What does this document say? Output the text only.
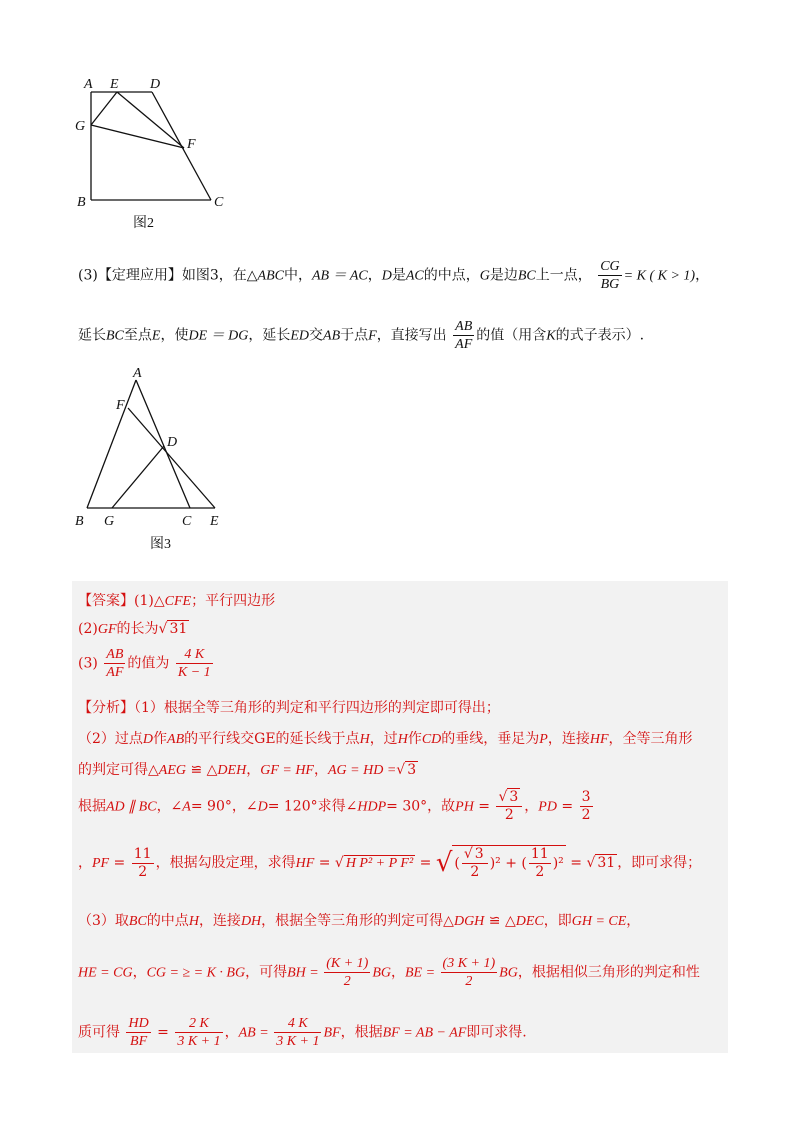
A E D
G
F
B	C
图2
(3)【定理应用】如图3，在△ABC中，AB ＝ AC，D是AC的中点，G是边BC上一点， $\frac{CG}{BG} = K$ ( K > 1)，
延长BC至点E，使DE ＝ DG，延长ED交AB于点F，直接写出 $\frac{AB}{AF}$ 的值（用含K的式子表示）.
A
F
D
B G	C E
图3
【答案】(1)△CFE；平行四边形
(2)GF的长为√ 31
$(3) \frac{AB}{AF}$ 的值为 $\frac{4 K}{K - 1}$
【分析】（1）根据全等三角形的判定和平行四边形的判定即可得出；
（2）过点D作AB的平行线交GE的延长线于点H，过H作CD的垂线，垂足为P，连接HF，全等三角形
的判定可得△AEG ≌ △DEH，GF = HF，AG = HD =√ 3
根据AD ∥ BC，∠A= 90°，∠D= 120°求得∠HDP= 30°，故PH = $\frac{√ 3}{2}$ ，PD = $\frac{3}{2}$
，PF = $\frac{11}{2}$ ，根据勾股定理，求得HF = √ H P² + P F² = √ ( $\frac{√ 3}{2} )^2$ + ( $\frac{11}{2} )^2$ = √ 31 ，即可求得；
（3）取BC的中点H，连接DH，根据全等三角形的判定可得△DGH ≌ △DEC，即GH = CE，
HE = CG，CG = ≥ = K · BG，可得BH = $\frac{(K + 1)}{2}$ BG，BE = $\frac{(3 K + 1)}{2}$ BG，根据相似三角形的判定和性
质可得 $\frac{HD}{BF} = \frac{2 K}{3 K + 1}$ ，AB = $\frac{4 K}{3 K + 1}$ BF，根据BF = AB − AF即可求得.
